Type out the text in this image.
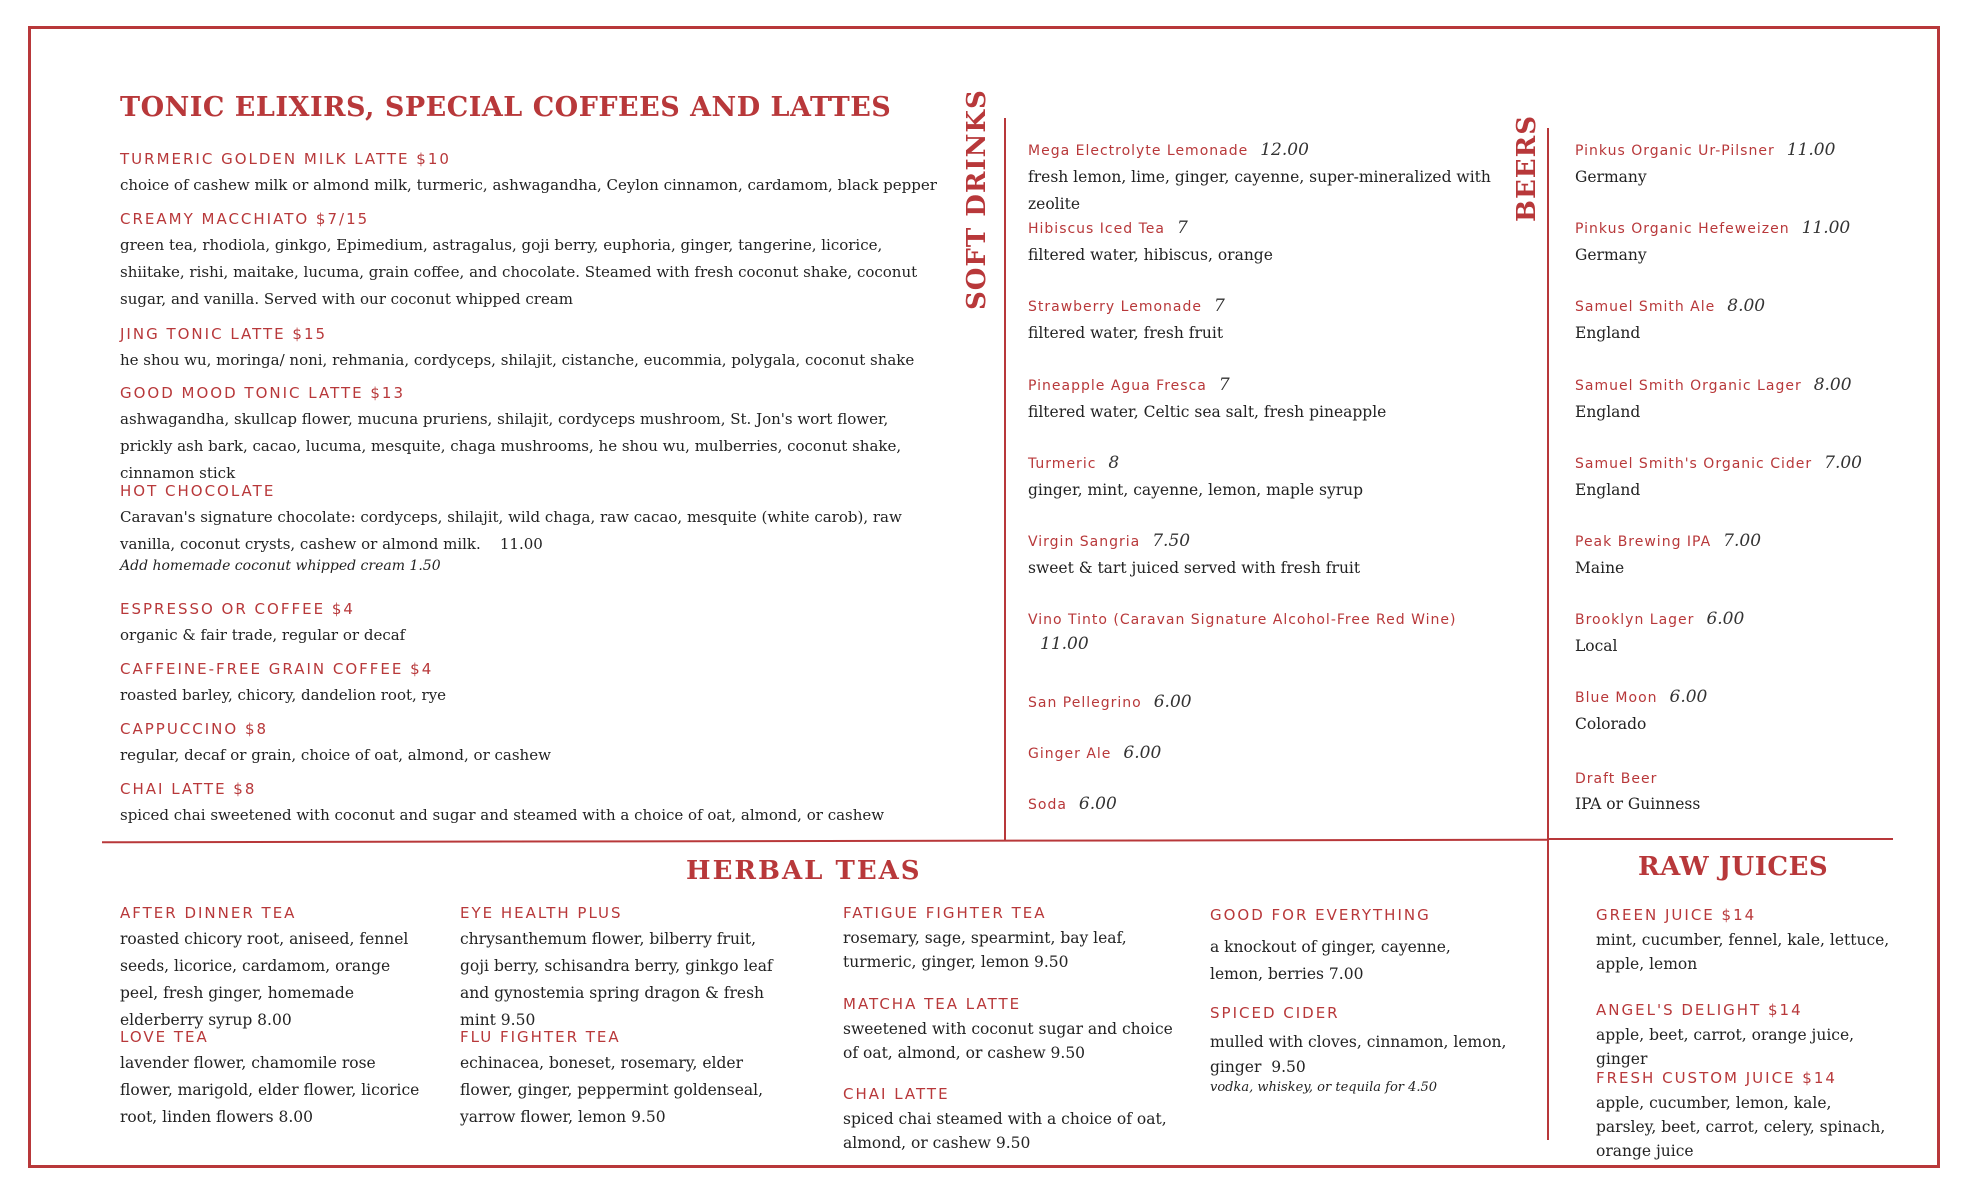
TONIC ELIXIRS, SPECIAL COFFEES AND LATTES
TURMERIC GOLDEN MILK LATTE $10
choice of cashew milk or almond milk, turmeric, ashwagandha, Ceylon cinnamon, cardamom, black pepper
CREAMY MACCHIATO $7/15
green tea, rhodiola, ginkgo, Epimedium, astragalus, goji berry, euphoria, ginger, tangerine, licorice, shiitake, rishi, maitake, lucuma, grain coffee, and chocolate. Steamed with fresh coconut shake, coconut sugar, and vanilla. Served with our coconut whipped cream
JING TONIC LATTE $15
he shou wu, moringa/ noni, rehmania, cordyceps, shilajit, cistanche, eucommia, polygala, coconut shake
GOOD MOOD TONIC LATTE $13
ashwagandha, skullcap flower, mucuna pruriens, shilajit, cordyceps mushroom, St. Jon's wort flower, prickly ash bark, cacao, lucuma, mesquite, chaga mushrooms, he shou wu, mulberries, coconut shake, cinnamon stick
HOT CHOCOLATE
Caravan's signature chocolate: cordyceps, shilajit, wild chaga, raw cacao, mesquite (white carob), raw vanilla, coconut crysts, cashew or almond milk.    11.00
Add homemade coconut whipped cream 1.50
ESPRESSO OR COFFEE $4
organic & fair trade, regular or decaf
CAFFEINE-FREE GRAIN COFFEE $4
roasted barley, chicory, dandelion root, rye
CAPPUCCINO $8
regular, decaf or grain, choice of oat, almond, or cashew
CHAI LATTE $8
spiced chai sweetened with coconut and sugar and steamed with a choice of oat, almond, or cashew
SOFT DRINKS	Mega Electrolyte Lemonade 12.00
fresh lemon, lime, ginger, cayenne, super-mineralized with zeolite
Hibiscus Iced Tea 7
filtered water, hibiscus, orange
Strawberry Lemonade 7
filtered water, fresh fruit
Pineapple Agua Fresca 7
filtered water, Celtic sea salt, fresh pineapple
Turmeric 8
ginger, mint, cayenne, lemon, maple syrup
Virgin Sangria 7.50
sweet & tart juiced served with fresh fruit
Vino Tinto (Caravan Signature Alcohol-Free Red Wine)
11.00
San Pellegrino 6.00
Ginger Ale 6.00
Soda 6.00
BEERS Pinkus Organic Ur-Pilsner 11.00
Germany
Pinkus Organic Hefeweizen 11.00
Germany
Samuel Smith Ale 8.00
England
Samuel Smith Organic Lager 8.00
England
Samuel Smith's Organic Cider 7.00
England
Peak Brewing IPA 7.00
Maine
Brooklyn Lager 6.00
Local
Blue Moon 6.00
Colorado
Draft Beer
IPA or Guinness
HERBAL TEAS
AFTER DINNER TEA
roasted chicory root, aniseed, fennel seeds, licorice, cardamom, orange peel, fresh ginger, homemade elderberry syrup 8.00
LOVE TEA
lavender flower, chamomile rose flower, marigold, elder flower, licorice root, linden flowers 8.00
EYE HEALTH PLUS
chrysanthemum flower, bilberry fruit, goji berry, schisandra berry, ginkgo leaf and gynostemia spring dragon & fresh mint 9.50
FLU FIGHTER TEA
echinacea, boneset, rosemary, elder flower, ginger, peppermint goldenseal, yarrow flower, lemon 9.50
FATIGUE FIGHTER TEA
rosemary, sage, spearmint, bay leaf, turmeric, ginger, lemon 9.50
MATCHA TEA LATTE
sweetened with coconut sugar and choice of oat, almond, or cashew 9.50
CHAI LATTE
spiced chai steamed with a choice of oat, almond, or cashew 9.50
GOOD FOR EVERYTHING
a knockout of ginger, cayenne, lemon, berries 7.00
SPICED CIDER
mulled with cloves, cinnamon, lemon, ginger  9.50
vodka, whiskey, or tequila for 4.50
RAW JUICES
GREEN JUICE $14
mint, cucumber, fennel, kale, lettuce, apple, lemon
ANGEL'S DELIGHT $14
apple, beet, carrot, orange juice, ginger
FRESH CUSTOM JUICE $14
apple, cucumber, lemon, kale, parsley, beet, carrot, celery, spinach, orange juice
